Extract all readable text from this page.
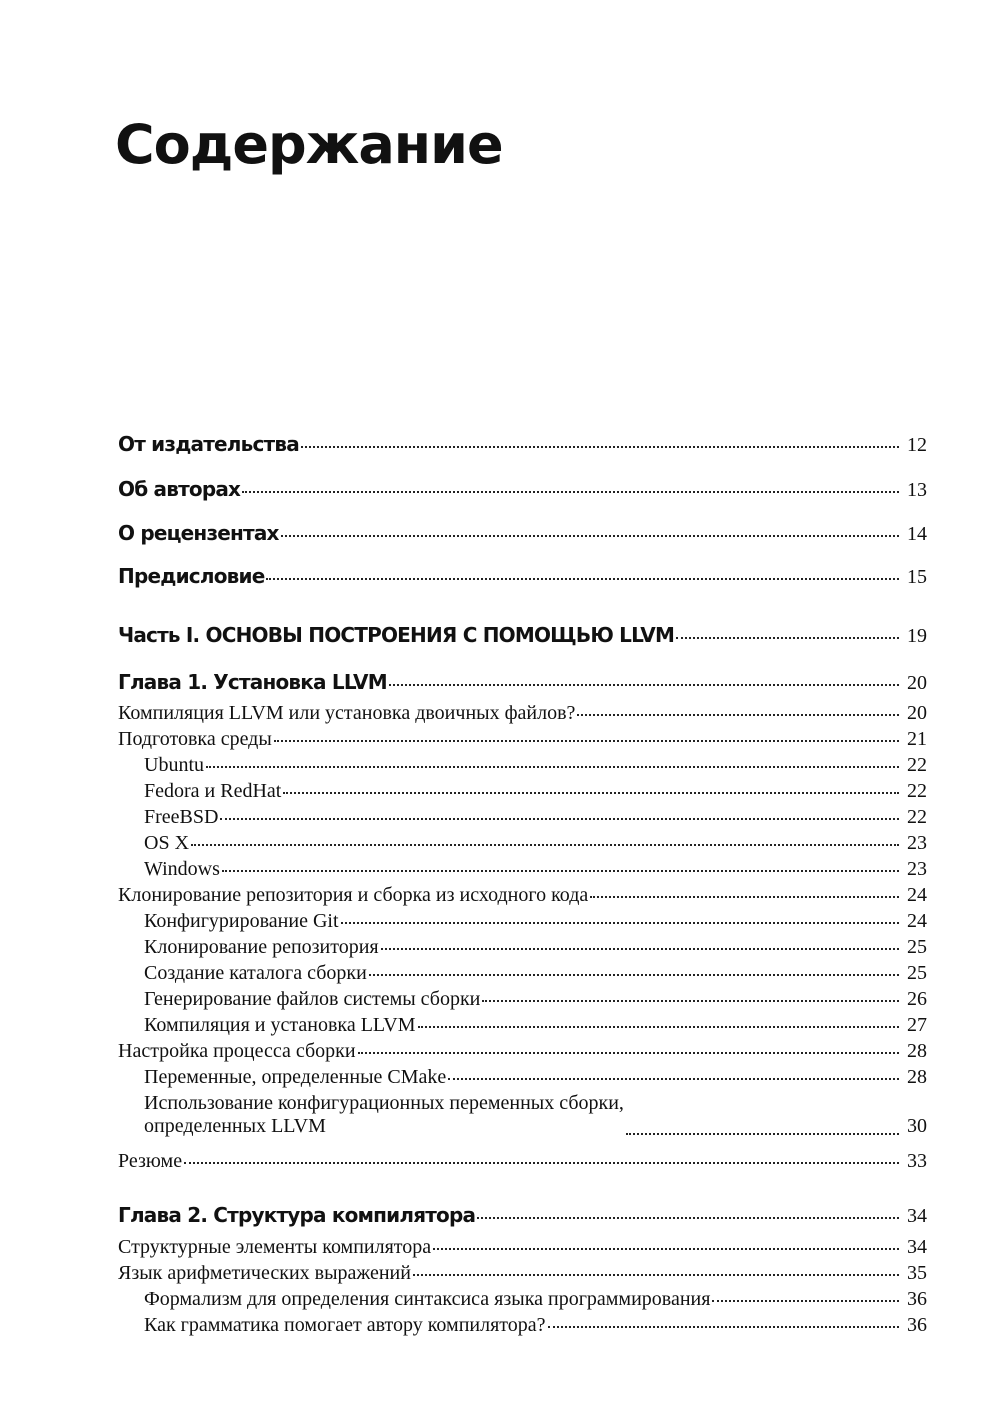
Содержание
От издательства	12
Об авторах	13
О рецензентах	14
Предисловие	15
Часть I. ОСНОВЫ ПОСТРОЕНИЯ С ПОМОЩЬЮ LLVM	19
Глава 1. Установка LLVM	20
Компиляция LLVM или установка двоичных файлов?	20
Подготовка среды	21
Ubuntu	22
Fedora и RedHat	22
FreeBSD	22
OS X	23
Windows	23
Клонирование репозитория и сборка из исходного кода	24
Конфигурирование Git	24
Клонирование репозитория	25
Создание каталога сборки	25
Генерирование файлов системы сборки	26
Компиляция и установка LLVM	27
Настройка процесса сборки	28
Переменные, определенные CMake	28
Использование конфигурационных переменных сборки,
определенных LLVM	30
Резюме	33
Глава 2. Структура компилятора	34
Структурные элементы компилятора	34
Язык арифметических выражений	35
Формализм для определения синтаксиса языка программирования	36
Как грамматика помогает автору компилятора?	36
